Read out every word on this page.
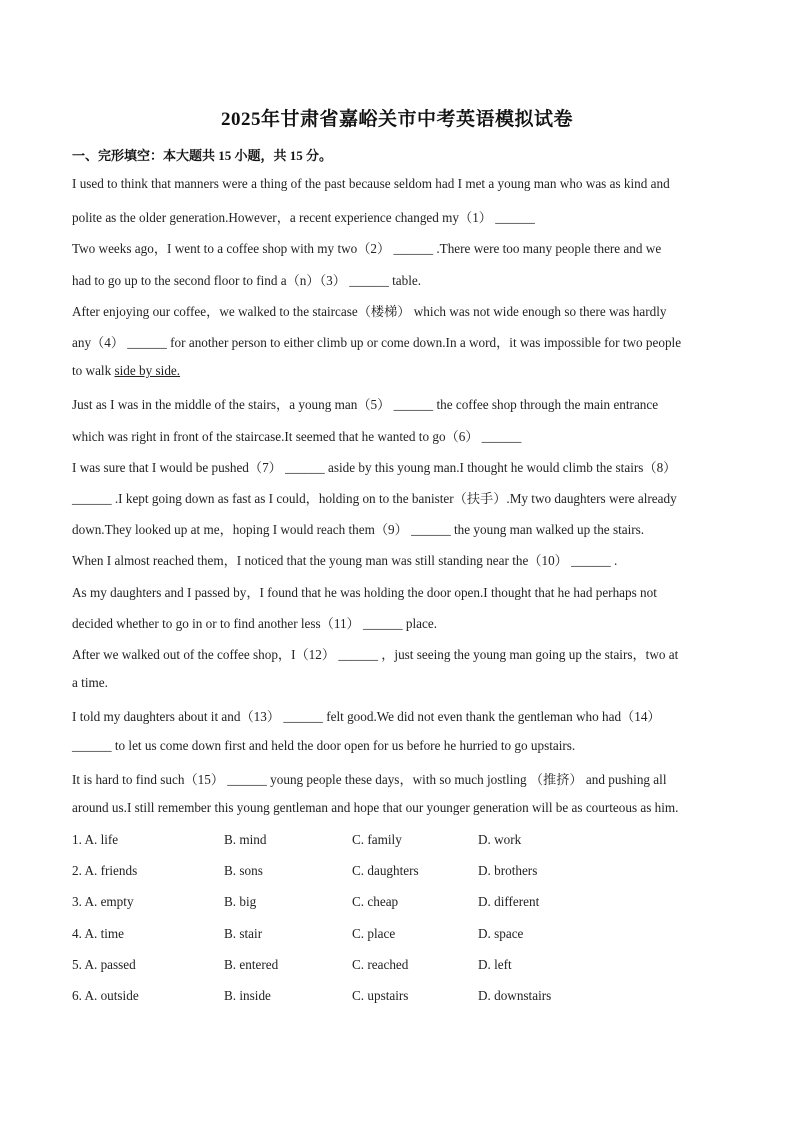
2025年甘肃省嘉峪关市中考英语模拟试卷
一、完形填空：本大题共 15 小题，共 15 分。
I used to think that manners were a thing of the past because seldom had I met a young man who was as kind and
polite as the older generation.However，a recent experience changed my（1） ______
Two weeks ago，I went to a coffee shop with my two（2） ______ .There were too many people there and we
had to go up to the second floor to find a（n）（3） ______ table.
After enjoying our coffee，we walked to the staircase（楼梯） which was not wide enough so there was hardly
any（4） ______ for another person to either climb up or come down.In a word，it was impossible for two people
to walk side by side.
Just as I was in the middle of the stairs，a young man（5） ______ the coffee shop through the main entrance
which was right in front of the staircase.It seemed that he wanted to go（6） ______
I was sure that I would be pushed（7） ______ aside by this young man.I thought he would climb the stairs（8）
______ .I kept going down as fast as I could，holding on to the banister（扶手）.My two daughters were already
down.They looked up at me，hoping I would reach them（9） ______ the young man walked up the stairs.
When I almost reached them，I noticed that the young man was still standing near the（10） ______ .
As my daughters and I passed by，I found that he was holding the door open.I thought that he had perhaps not
decided whether to go in or to find another less（11） ______ place.
After we walked out of the coffee shop，I（12） ______ ，just seeing the young man going up the stairs，two at
a time.
I told my daughters about it and（13） ______ felt good.We did not even thank the gentleman who had（14）
______ to let us come down first and held the door open for us before he hurried to go upstairs.
It is hard to find such（15） ______ young people these days，with so much jostling （推挤） and pushing all
around us.I still remember this young gentleman and hope that our younger generation will be as courteous as him.
1. A. life	B. mind	C. family	D. work
2. A. friends	B. sons	C. daughters	D. brothers
3. A. empty	B. big	C. cheap	D. different
4. A. time	B. stair	C. place	D. space
5. A. passed	B. entered	C. reached	D. left
6. A. outside	B. inside	C. upstairs	D. downstairs
